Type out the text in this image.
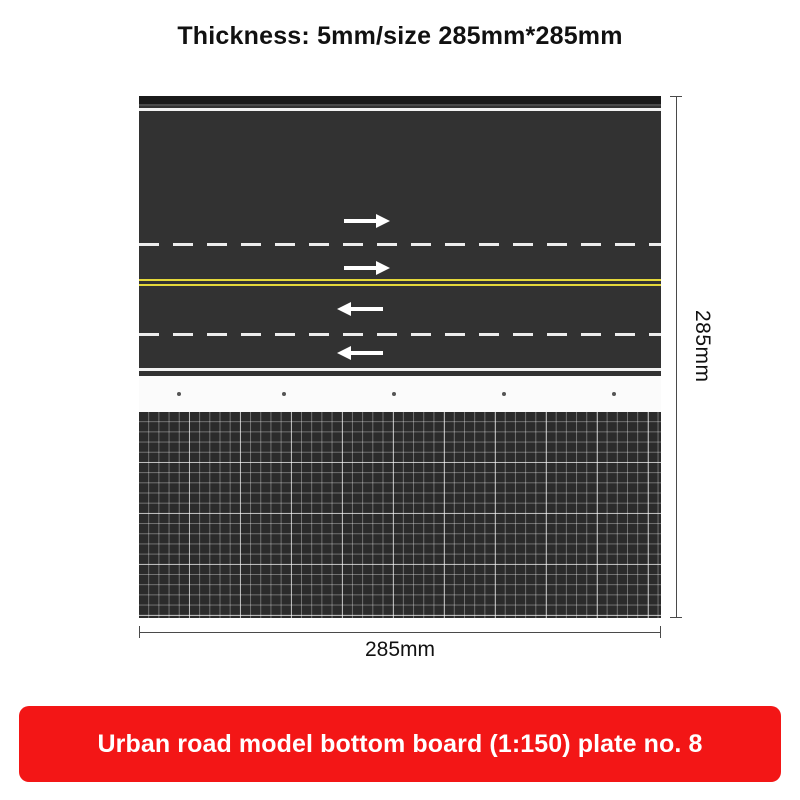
Thickness: 5mm/size 285mm*285mm
285mm
285mm
Urban road model bottom board (1:150) plate no. 8
